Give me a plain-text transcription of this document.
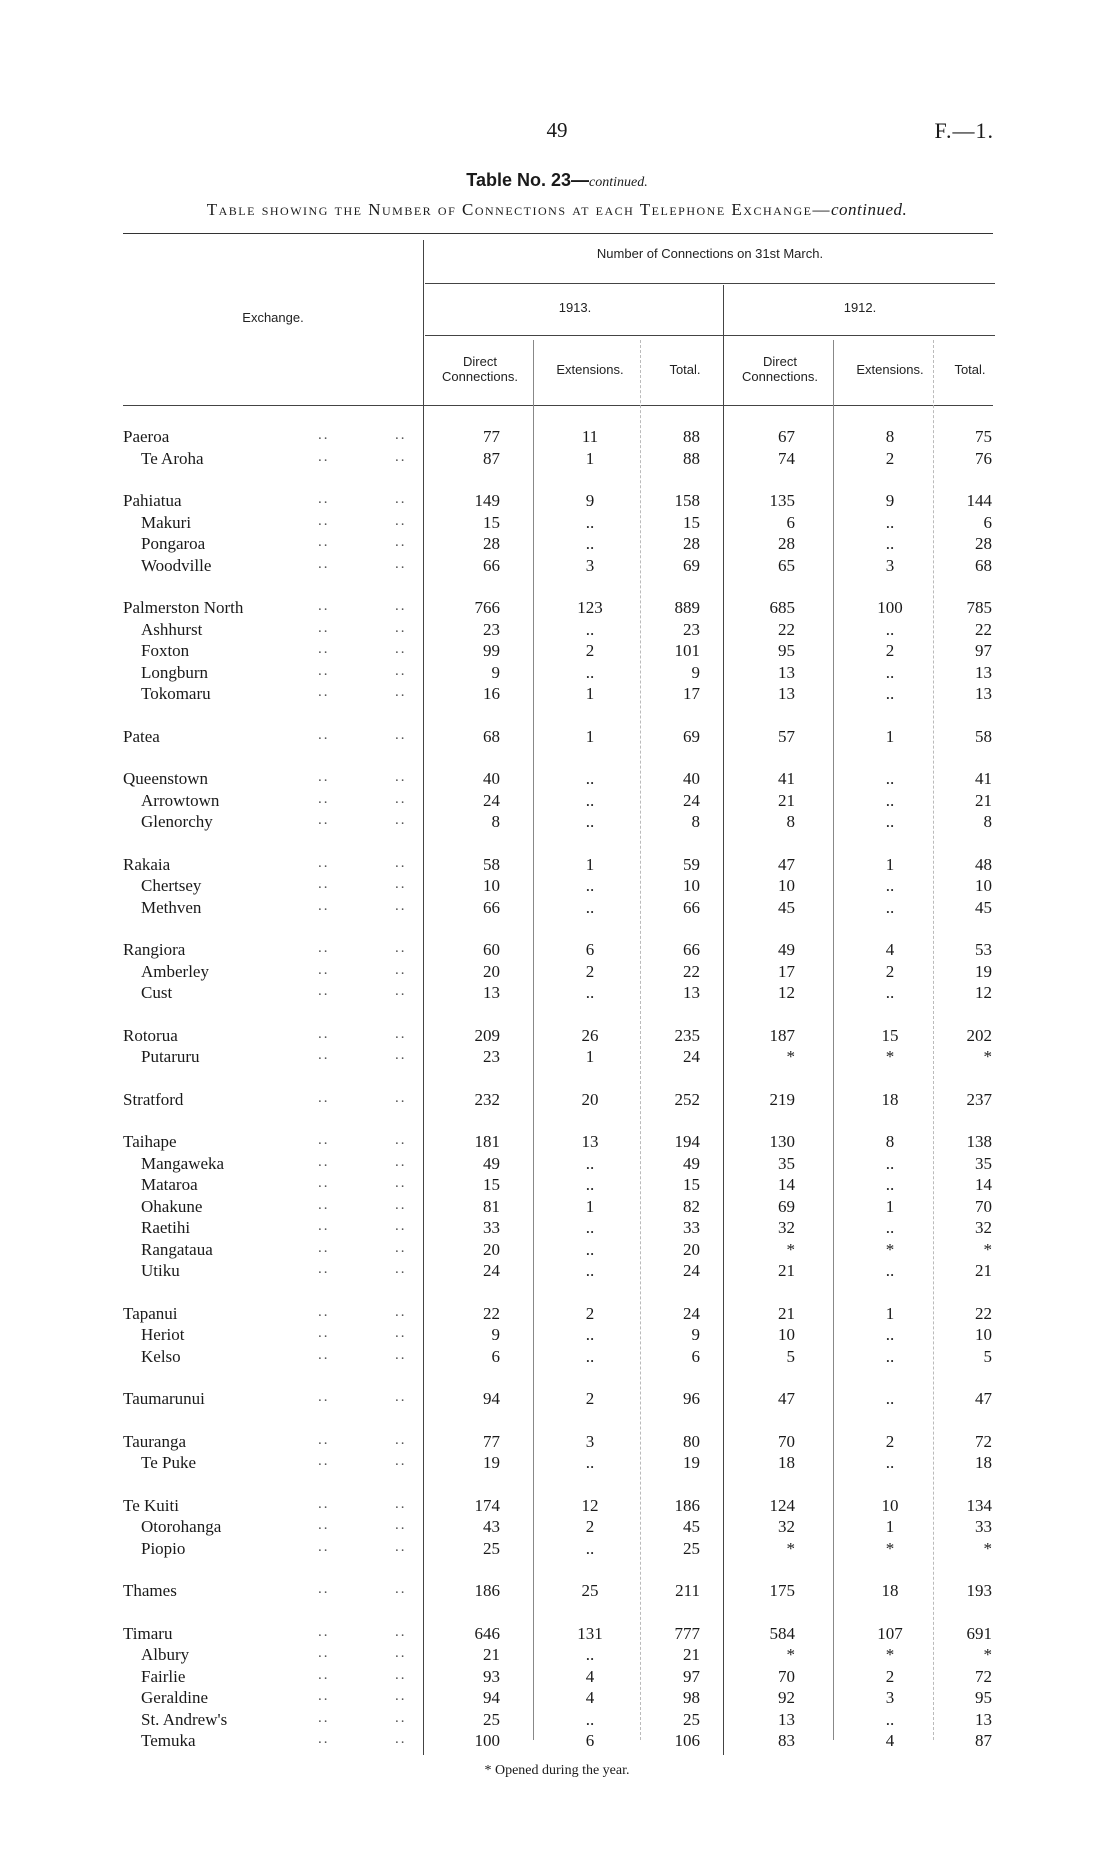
49	F.—1.
Table No. 23—continued.
Table showing the Number of Connections at each Telephone Exchange—continued.
Exchange.
Number of Connections on 31st March.
1913.	1912.
Direct Connections.	Extensions.	Total.
Direct Connections.	Extensions.	Total.
Paeroa	..	..	77	11	88	67	8	75
Te Aroha	..	..	87	1	88	74	2	76
Pahiatua	..	..	149	9	158	135	9	144
Makuri	..	..	15	..	15	6	..	6
Pongaroa	..	..	28	..	28	28	..	28
Woodville	..	..	66	3	69	65	3	68
Palmerston North	..	..	766	123	889	685	100	785
Ashhurst	..	..	23	..	23	22	..	22
Foxton	..	..	99	2	101	95	2	97
Longburn	..	..	9	..	9	13	..	13
Tokomaru	..	..	16	1	17	13	..	13
Patea	..	..	68	1	69	57	1	58
Queenstown	..	..	40	..	40	41	..	41
Arrowtown	..	..	24	..	24	21	..	21
Glenorchy	..	..	8	..	8	8	..	8
Rakaia	..	..	58	1	59	47	1	48
Chertsey	..	..	10	..	10	10	..	10
Methven	..	..	66	..	66	45	..	45
Rangiora	..	..	60	6	66	49	4	53
Amberley	..	..	20	2	22	17	2	19
Cust	..	..	13	..	13	12	..	12
Rotorua	..	..	209	26	235	187	15	202
Putaruru	..	..	23	1	24	*	*	*
Stratford	..	..	232	20	252	219	18	237
Taihape	..	..	181	13	194	130	8	138
Mangaweka	..	..	49	..	49	35	..	35
Mataroa	..	..	15	..	15	14	..	14
Ohakune	..	..	81	1	82	69	1	70
Raetihi	..	..	33	..	33	32	..	32
Rangataua	..	..	20	..	20	*	*	*
Utiku	..	..	24	..	24	21	..	21
Tapanui	..	..	22	2	24	21	1	22
Heriot	..	..	9	..	9	10	..	10
Kelso	..	..	6	..	6	5	..	5
Taumarunui	..	..	94	2	96	47	..	47
Tauranga	..	..	77	3	80	70	2	72
Te Puke	..	..	19	..	19	18	..	18
Te Kuiti	..	..	174	12	186	124	10	134
Otorohanga	..	..	43	2	45	32	1	33
Piopio	..	..	25	..	25	*	*	*
Thames	..	..	186	25	211	175	18	193
Timaru	..	..	646	131	777	584	107	691
Albury	..	..	21	..	21	*	*	*
Fairlie	..	..	93	4	97	70	2	72
Geraldine	..	..	94	4	98	92	3	95
St. Andrew's	..	..	25	..	25	13	..	13
Temuka	..	..	100	6	106	83	4	87
* Opened during the year.
